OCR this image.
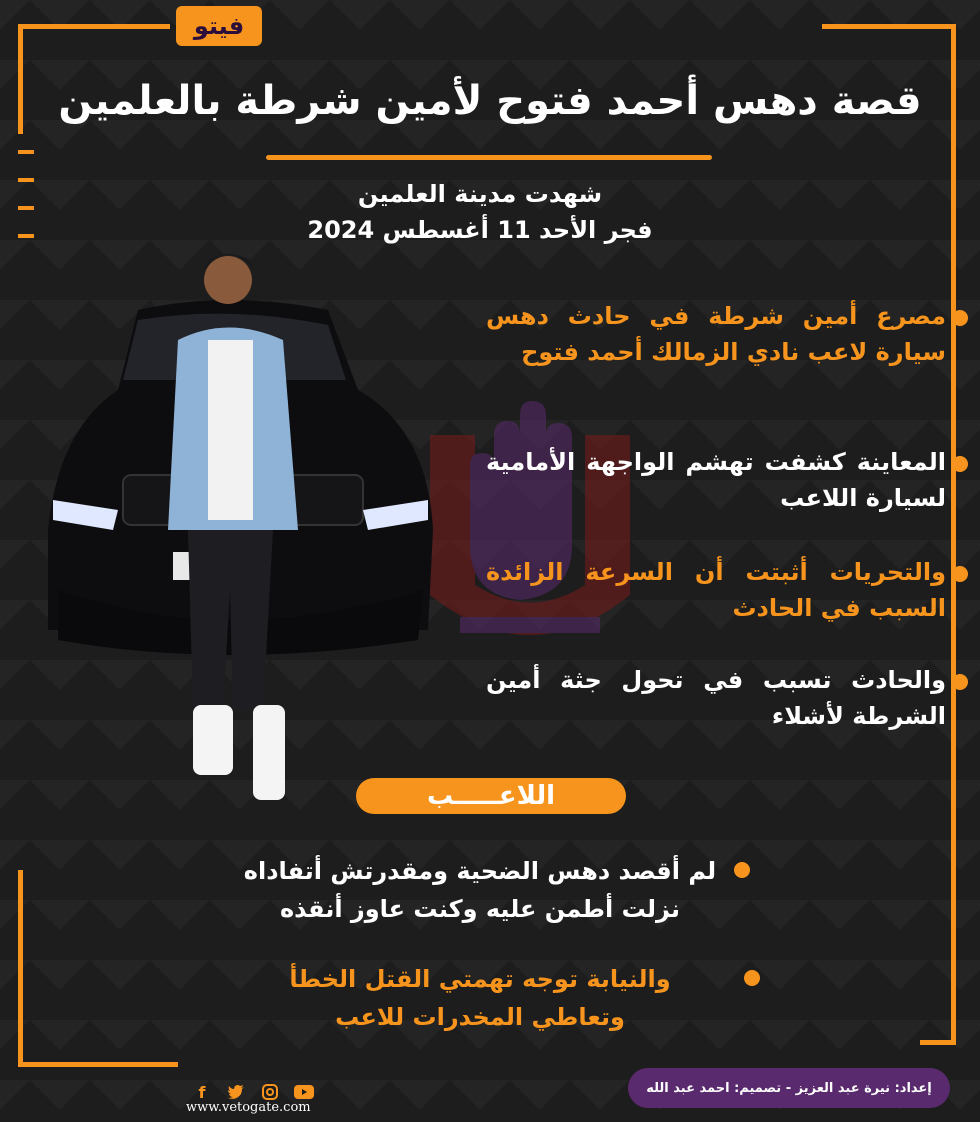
فيتو
قصة دهس أحمد فتوح لأمين شرطة بالعلمين
شهدت مدينة العلمين
فجر الأحد 11 أغسطس 2024
مصرع أمين شرطة في حادث دهس سيارة لاعب نادي الزمالك أحمد فتوح
المعاينة كشفت تهشم الواجهة الأمامية لسيارة اللاعب
والتحريات أثبتت أن السرعة الزائدة السبب في الحادث
والحادث تسبب في تحول جثة أمين الشرطة لأشلاء
اللاعـــــب
لم أقصد دهس الضحية ومقدرتش أتفاداه
نزلت أطمن عليه وكنت عاوز أنقذه
والنيابة توجه تهمتي القتل الخطأ
وتعاطي المخدرات للاعب
f
www.vetogate.com
إعداد: نيرة عبد العزيز - تصميم: احمد عبد الله
